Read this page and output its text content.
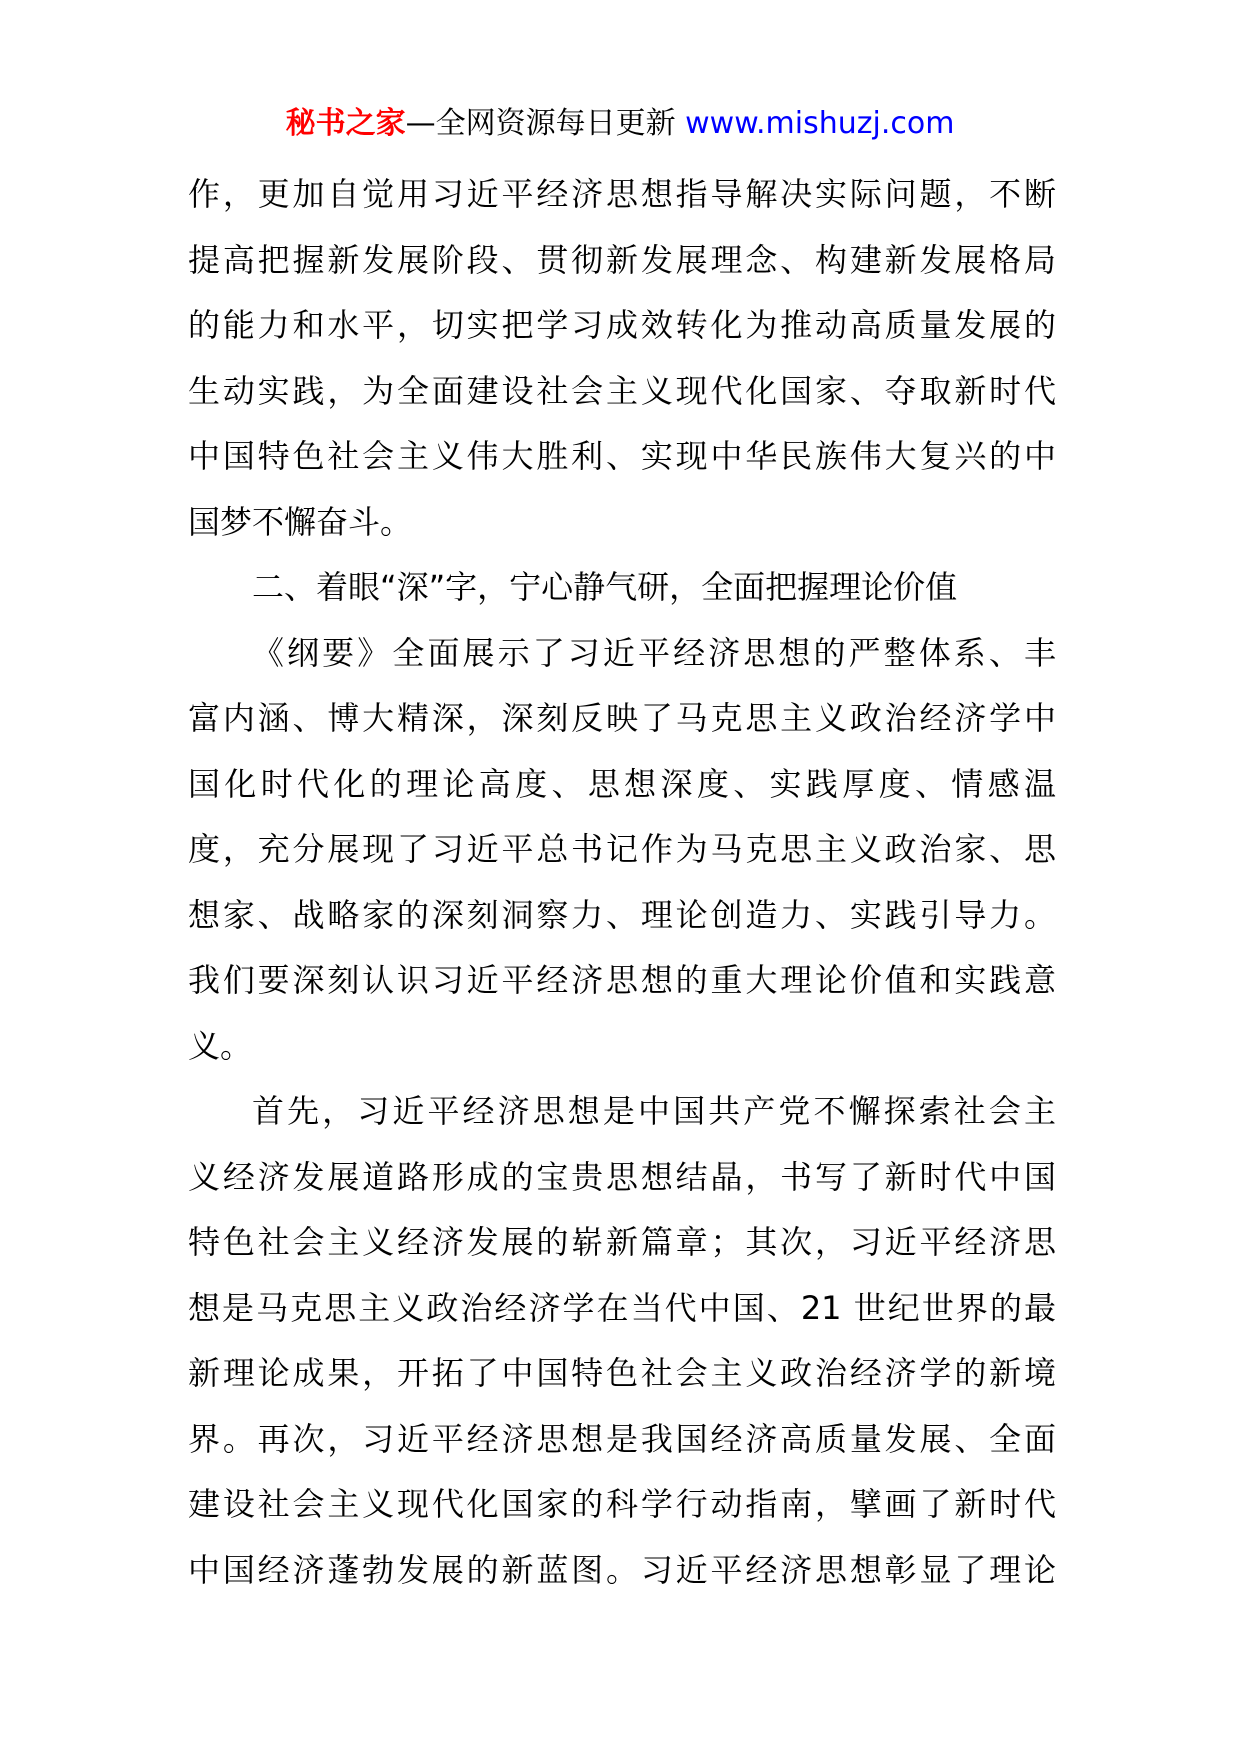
秘书之家—全网资源每日更新 www.mishuzj.com
作，更加自觉用习近平经济思想指导解决实际问题，不断
提高把握新发展阶段、贯彻新发展理念、构建新发展格局
的能力和水平，切实把学习成效转化为推动高质量发展的
生动实践，为全面建设社会主义现代化国家、夺取新时代
中国特色社会主义伟大胜利、实现中华民族伟大复兴的中
国梦不懈奋斗。
二、着眼“深”字，宁心静气研，全面把握理论价值
《纲要》全面展示了习近平经济思想的严整体系、丰
富内涵、博大精深，深刻反映了马克思主义政治经济学中
国化时代化的理论高度、思想深度、实践厚度、情感温
度，充分展现了习近平总书记作为马克思主义政治家、思
想家、战略家的深刻洞察力、理论创造力、实践引导力。
我们要深刻认识习近平经济思想的重大理论价值和实践意
义。
首先，习近平经济思想是中国共产党不懈探索社会主
义经济发展道路形成的宝贵思想结晶，书写了新时代中国
特色社会主义经济发展的崭新篇章；其次，习近平经济思
想是马克思主义政治经济学在当代中国、21 世纪世界的最
新理论成果，开拓了中国特色社会主义政治经济学的新境
界。再次，习近平经济思想是我国经济高质量发展、全面
建设社会主义现代化国家的科学行动指南，擘画了新时代
中国经济蓬勃发展的新蓝图。习近平经济思想彰显了理论
